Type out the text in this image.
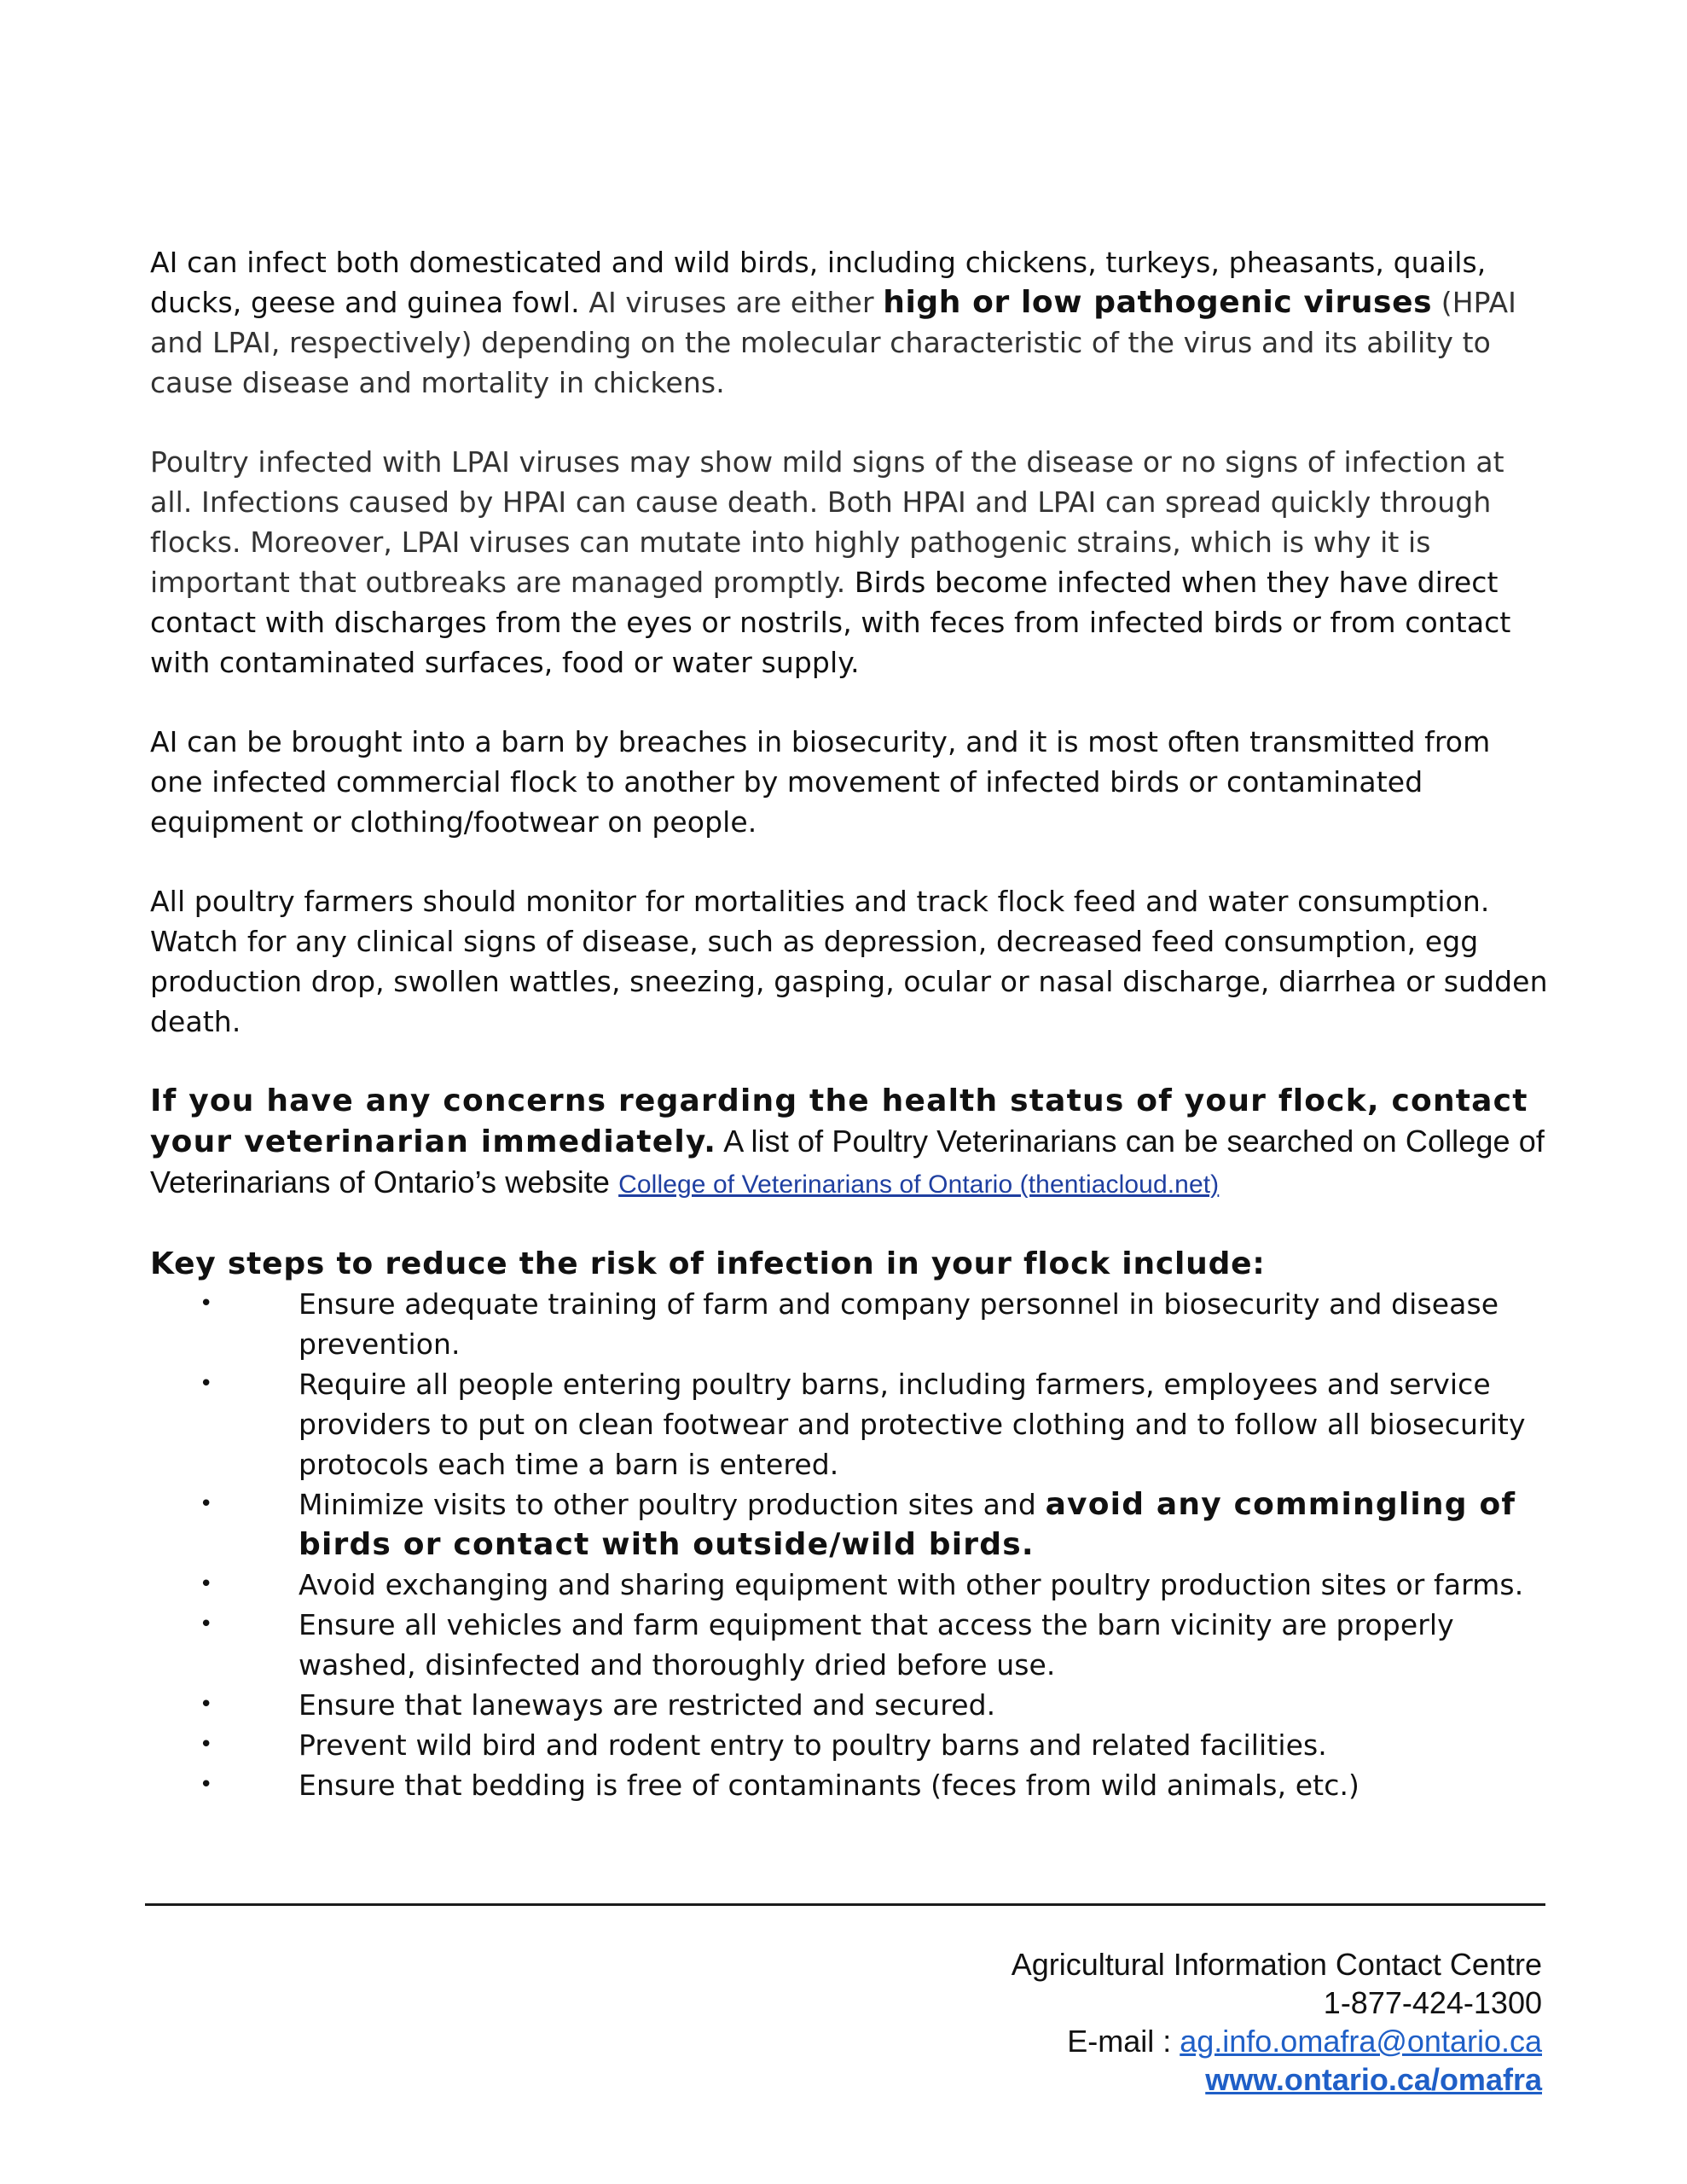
AI can infect both domesticated and wild birds, including chickens, turkeys, pheasants, quails, ducks, geese and guinea fowl. AI viruses are either high or low pathogenic viruses (HPAI and LPAI, respectively) depending on the molecular characteristic of the virus and its ability to cause disease and mortality in chickens.
Poultry infected with LPAI viruses may show mild signs of the disease or no signs of infection at all. Infections caused by HPAI can cause death. Both HPAI and LPAI can spread quickly through flocks. Moreover, LPAI viruses can mutate into highly pathogenic strains, which is why it is important that outbreaks are managed promptly. Birds become infected when they have direct contact with discharges from the eyes or nostrils, with feces from infected birds or from contact with contaminated surfaces, food or water supply.
AI can be brought into a barn by breaches in biosecurity, and it is most often transmitted from one infected commercial flock to another by movement of infected birds or contaminated equipment or clothing/footwear on people.
All poultry farmers should monitor for mortalities and track flock feed and water consumption. Watch for any clinical signs of disease, such as depression, decreased feed consumption, egg production drop, swollen wattles, sneezing, gasping, ocular or nasal discharge, diarrhea or sudden death.
If you have any concerns regarding the health status of your flock, contact your veterinarian immediately. A list of Poultry Veterinarians can be searched on College of Veterinarians of Ontario’s website College of Veterinarians of Ontario (thentiacloud.net)

Key steps to reduce the risk of infection in your flock include:

•	Ensure adequate training of farm and company personnel in biosecurity and disease prevention.
•	Require all people entering poultry barns, including farmers, employees and service providers to put on clean footwear and protective clothing and to follow all biosecurity protocols each time a barn is entered.
•	Minimize visits to other poultry production sites and avoid any commingling of birds or contact with outside/wild birds.
•	Avoid exchanging and sharing equipment with other poultry production sites or farms.
•	Ensure all vehicles and farm equipment that access the barn vicinity are properly washed, disinfected and thoroughly dried before use.
•	Ensure that laneways are restricted and secured.
•	Prevent wild bird and rodent entry to poultry barns and related facilities.
•	Ensure that bedding is free of contaminants (feces from wild animals, etc.)
Agricultural Information Contact Centre
1-877-424-1300
E-mail : ag.info.omafra@ontario.ca
www.ontario.ca/omafra
